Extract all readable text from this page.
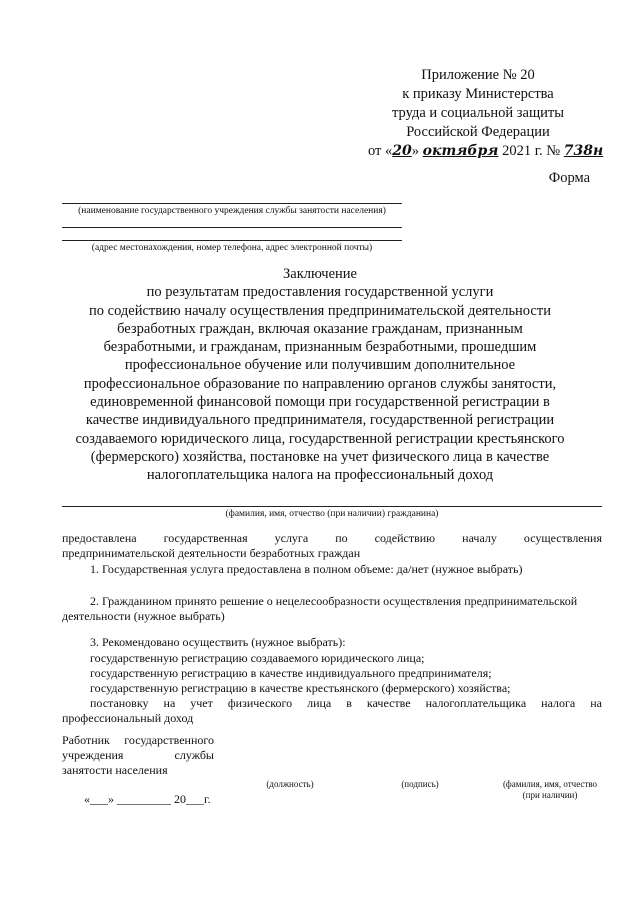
Приложение № 20
к приказу Министерства
труда и социальной защиты
Российской Федерации
от «20» октября 2021 г. № 738н
Форма
(наименование государственного учреждения службы занятости населения)
(адрес местонахождения, номер телефона, адрес электронной почты)
Заключение
по результатам предоставления государственной услуги
по содействию началу осуществления предпринимательской деятельности
безработных граждан, включая оказание гражданам, признанным
безработными, и гражданам, признанным безработными, прошедшим
профессиональное обучение или получившим дополнительное
профессиональное образование по направлению органов службы занятости,
единовременной финансовой помощи при государственной регистрации в
качестве индивидуального предпринимателя, государственной регистрации
создаваемого юридического лица, государственной регистрации крестьянского
(фермерского) хозяйства, постановке на учет физического лица в качестве
налогоплательщика налога на профессиональный доход
(фамилия, имя, отчество (при наличии) гражданина)
предоставлена государственная услуга по содействию началу осуществления
предпринимательской деятельности безработных граждан
1. Государственная услуга предоставлена в полном объеме: да/нет (нужное выбрать)
2. Гражданином принято решение о нецелесообразности осуществления предпринимательской
деятельности (нужное выбрать)
3. Рекомендовано осуществить (нужное выбрать):
государственную регистрацию создаваемого юридического лица;
государственную регистрацию в качестве индивидуального предпринимателя;
государственную регистрацию в качестве крестьянского (фермерского) хозяйства;
постановку на учет физического лица в качестве налогоплательщика налога на
профессиональный доход
Работник государственного
учреждения службы
занятости населения
(должность)	(подпись)	(фамилия, имя, отчество
(при наличии)
«___» _________ 20___г.
